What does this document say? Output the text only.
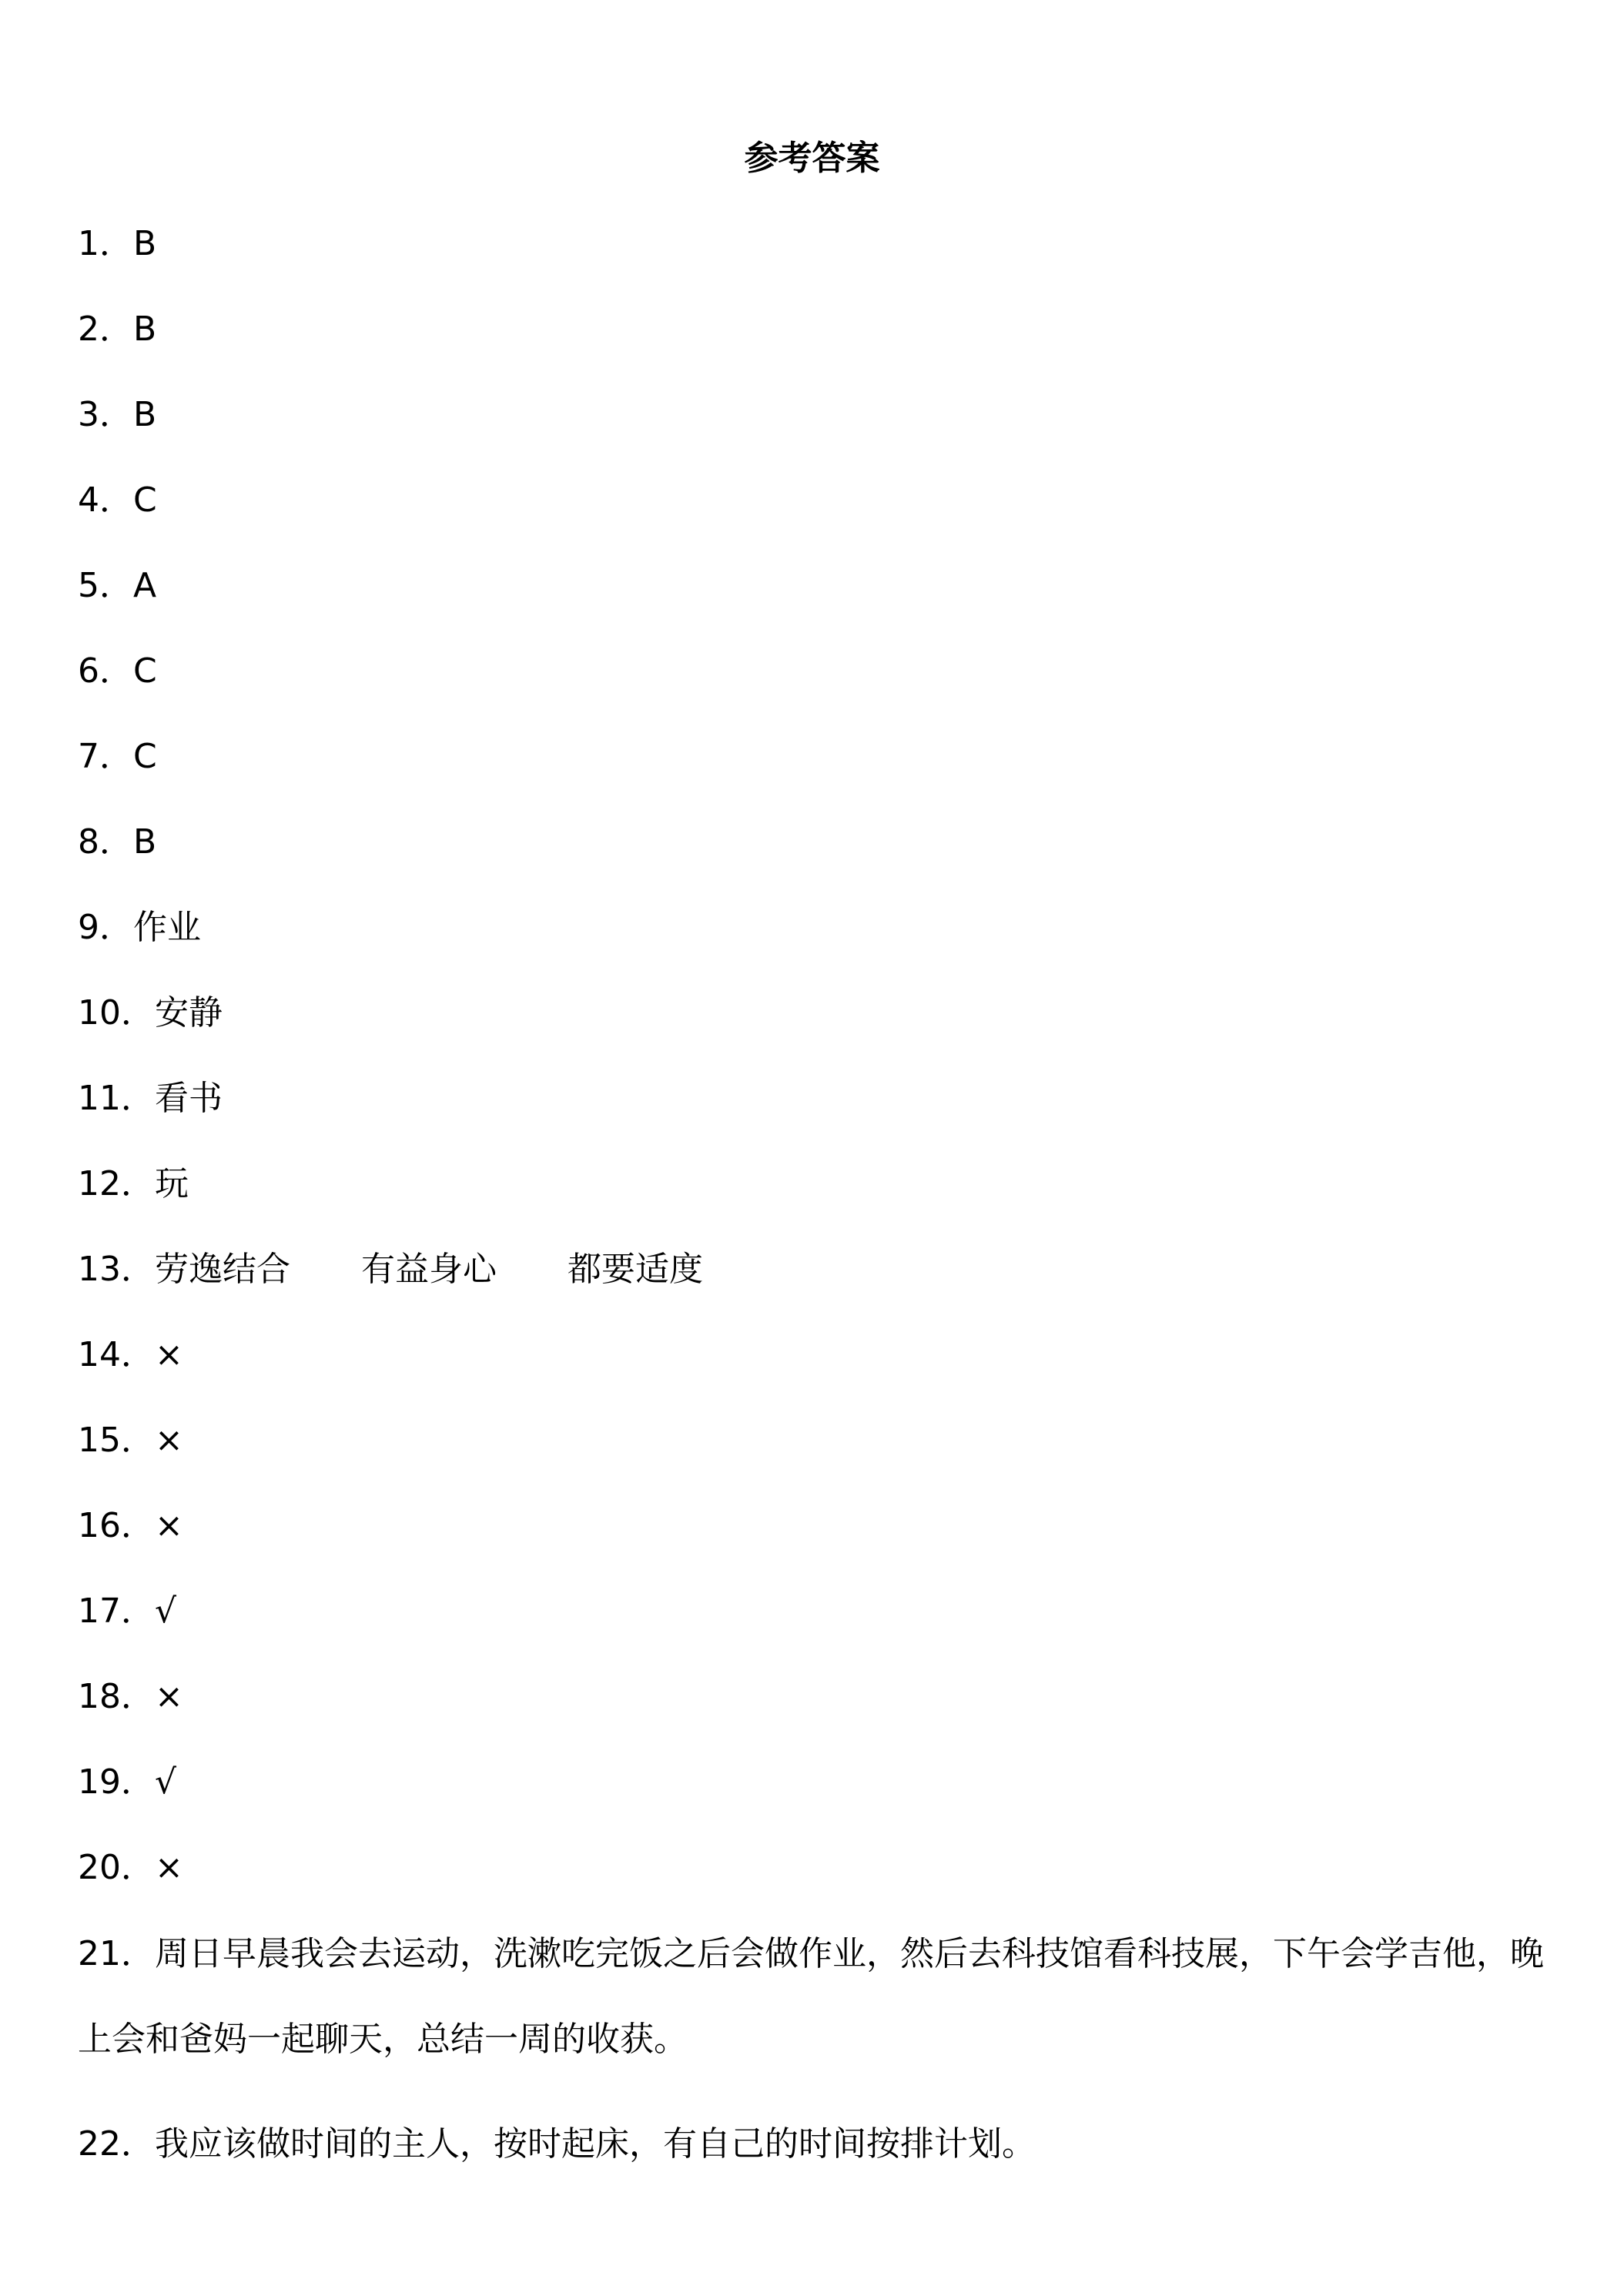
参考答案
1．B
2．B
3．B
4．C
5．A
6．C
7．C
8．B
9．作业
10．安静
11．看书
12．玩
13．劳逸结合 有益身心 都要适度
14．×
15．×
16．×
17．√
18．×
19．√
20．×
21．周日早晨我会去运动，洗漱吃完饭之后会做作业，然后去科技馆看科技展，下午会学吉他，晚上会和爸妈一起聊天，总结一周的收获。
22．我应该做时间的主人，按时起床，有自己的时间按排计划。
